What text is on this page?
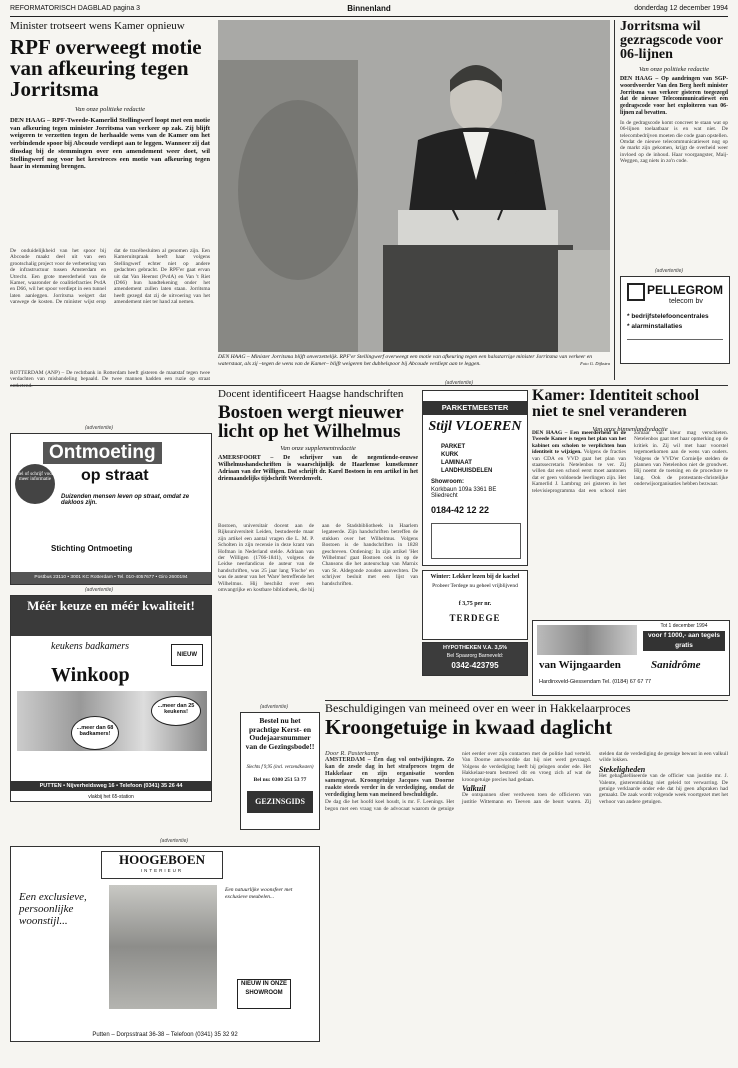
REFORMATORISCH DAGBLAD pagina 3	Binnenland	donderdag 12 december 1994
Minister trotseert wens Kamer opnieuw
RPF overweegt motie van afkeuring tegen Jorritsma
Van onze politieke redactie
DEN HAAG – RPF-Tweede-Kamerlid Stellingwerf loopt met een motie van afkeuring tegen minister Jorritsma van verkeer op zak. Zij blijft weigeren te verzetten tegen de herhaalde wens van de Kamer om het verbindende spoor bij Abcoude verdiept aan te leggen. Wanneer zij dat dinsdag bij de stemmingen over een amendement weer doet, wil Stellingwerf nog voor het kerstreces een motie van afkeuring tegen haar in stemming brengen.
De onduidelijkheid van het spoor bij Abcoude maakt deel uit van een grootschalig project voor de verbetering van de infrastructuur tussen Amsterdam en Utrecht. Een grote meerderheid van de Kamer, waaronder de coalitiefracties PvdA en D66, wil het spoor verdiept in een tunnel laten aanleggen. Jorritsma weigert dat vanwege de kosten. De minister wijst erop dat de tracébesluiten al genomen zijn. Een Kameruitspraak heeft haar volgens Stellingwerf echter niet op andere gedachten gebracht. De RPF'er gaat ervan uit dat Van Heemst (PvdA) en Van 't Riet (D66) hun handtekening onder het amendement zullen laten staan. Jorritsma heeft gezegd dat zij de uitvoering van het amendement niet ter hand zal nemen.
ROTTERDAM (ANP) – De rechtbank in Rotterdam heeft gisteren de maatstaf tegen twee verdachten van mishandeling bepaald. De twee mannen hadden een ruzie op straat
DEN HAAG – Minister Jorritsma blijft onverzettelijk. RPF'er Stellingwerf overweegt een motie van afkeuring tegen een halsstarrige minister Jorritsma van verkeer en waterstaat, als zij –tegen de wens van de Kamer– blijft weigeren het dubbelspoor bij Abcoude verdiept aan te leggen.	Foto G. Dijkstra
Jorritsma wil gezragscode voor 06-lijnen
Van onze politieke redactie
DEN HAAG – Op aandringen van SGP-woordvoerder Van den Berg heeft minister Jorritsma van verkeer gisteren toegezegd dat de nieuwe Telecommunicatiewet een gedragscode voor het exploiteren van 06-lijnen zal bevatten.
In de gedragscode komt concreet te staan wat op 06-lijnen toelaatbaar is en wat niet. De telecombedrijven moeten die code gaan opstellen. Omdat de nieuwe telecommunicatiewet nog op de markt zijn gekomen, krijgt de overheid weer invloed op de inhoud. Haar voorgangster, Maij-Weggen, zag niets in zo'n code.
(advertentie)
PELLEGROM
telecom bv
* bedrijfstelefooncentrales
* alarminstallaties
(advertentie)
Ontmoeting
op straat
Bel of schrijf voor meer informatie
Duizenden mensen leven op straat, omdat ze dakloos zijn.
Stichting Ontmoeting
Postbus 23110 • 3001 KC Rotterdam • Tel. 010-4057677 • Giro 2600194
(advertentie)
Méér keuze en méér kwaliteit!
keukens badkamers
Winkoop
NIEUW
...meer dan 68 badkamers!
...meer dan 25 keukens!
PUTTEN • Nijverheidsweg 16 • Telefoon (0341) 35 26 44
vlakbij het 65-station
Docent identificeert Haagse handschriften
Bostoen wergt nieuwer licht op het Wilhelmus
Van onze supplementredactie
AMERSFOORT – De schrijver van de negentiende-eeuwse Wilhelmushandschriften is waarschijnlijk de Haarlemse kunstkenner Adriaan van der Willigen. Dat schrijft dr. Karel Bostoen in een artikel in het driemaandelijks tijdschrift Weerdenvelt.
Bostoen, universitair docent aan de Rijksuniversiteit Leiden, bestudeerde maar zijn artikel een aantal vragen die L. M. P. Scholten in zijn recensie in deze krant van Hofman in Nederland stelde. Adriaan van der Willigen (1766-1841), volgens de Leidse neerlandicus de auteur van de handschriften, was 25 jaar lang 'Fische' en was de auteur van het 'Ware' betreffende het Wilhelmus. Hij beschikt over een omvangrijke en kostbare bibliotheek, die hij aan de Stadsbibliotheek in Haarlem legateerde. Zijn handschriften betreffen de stukken over het Wilhelmus. Volgens Bostoen is de handschriften in 1828 geschreven. Ontlening: In zijn artikel 'Het Wilhelmus' gaat Bostoen ook in op de Chansons die het auteurschap van Marnix van St. Aldegonde zouden aanvechten. De schrijver besluit met een lijst van handschriften.
(advertentie)
Bestel nu het prachtige Kerst- en Oudejaarsnummer van de Gezingsbode!!
Slechts f 9,95 (incl. verzendkosten)
Bel nu: 0300 251 53 77
GEZINSGIDS
(advertentie)
PARKETMEESTER
Stijl VLOEREN
PARKET
KURK
LAMINAAT
LANDHUISDELEN
Showroom:
Korkbaun 109a 3361 BE Sliedrecht
0184-42 12 22
Winter: Lekker lezen bij de kachel
Probeer Terdege nu geheel vrijblijvend
f 3,75 per nr.
TERDEGE
HYPOTHEKEN V.A. 3,5%
Bel Spaarorg Barneveld:
0342-423795
Kamer: Identiteit school niet te snel veranderen
Van onze binnenlandredactie
DEN HAAG – Een meerderheid in de Tweede Kamer is tegen het plan van het kabinet om scholen te verplichten hun identiteit te wijzigen. Volgens de fracties van CDA en VVD gaat het plan van staatssecretaris Netelenbos te ver. Zij willen dat een school eerst moet aantonen dat er geen voldoende leerlingen zijn. Het Kamerlid J. Lambrug zei gisteren in het televisieprogramma dat een school niet zomaar van kleur mag verschieten. Netelenbos gaat met haar opmerking op de kritiek in. Zij wil met haar voorstel tegemoetkomen aan de wens van ouders. Volgens de VVD'er Cornielje stelden de plannen van Netelenbos niet de grondwet. Hij noemt de toetsing en de procedure te lang. Ook de protestants-christelijke onderwijsorganisaties hebben bezwaar.
Tot 1 december 1994
voor f 1000,- aan tegels gratis
van Wijngaarden	Sanidrôme
Hardinxveld-Giessendam Tel. (0184) 67 67 77
Beschuldigingen van meineed over en weer in Hakkelaarproces
Kroongetuige in kwaad daglicht
Door R. Pasterkamp
AMSTERDAM – Een dag vol ontwijkingen. Zo kan de zesde dag in het strafproces tegen de Hakkelaar en zijn organisatie worden samengevat. Kroongetuige Jacques van Doorne raakte steeds verder in de verdediging, omdat de verdediging hem van meineed beschuldigde.
De dag die het hoofd koel houdt, is mr. F. Leenings. Het begon met een vraag van de advocaat waarom de getuige niet eerder over zijn contacten met de politie had verteld. Van Doorne antwoordde dat hij niet werd gevraagd. Volgens de verdediging heeft hij gelogen onder ede. Het Hakkelaar-team bestreed dit en vroeg zich af wat de kroongetuige precies had gedaan.
Valkuil
De ontspannen sfeer verdween toen de officieren van justitie Wittemann en Teeven aan de beurt waren. Zij stelden dat de verdediging de getuige bewust in een valkuil wilde lokken.
Stekeligheden
Het gebagatelliseerde van de officier van justitie mr. J. Valente, gisterenmiddag niet geleid tot verwarring. De getuige verklaarde onder ede dat hij geen afspraken had gemaakt. De zaak wordt volgende week voortgezet met het verhoor van andere getuigen.
(advertentie)
HOOGEBOEN
INTERIEUR
Een exclusieve, persoonlijke woonstijl...
Een natuurlijke woonsfeer met exclusieve meubelen...
NIEUW IN ONZE SHOWROOM
Putten – Dorpsstraat 36-38 – Telefoon (0341) 35 32 92
